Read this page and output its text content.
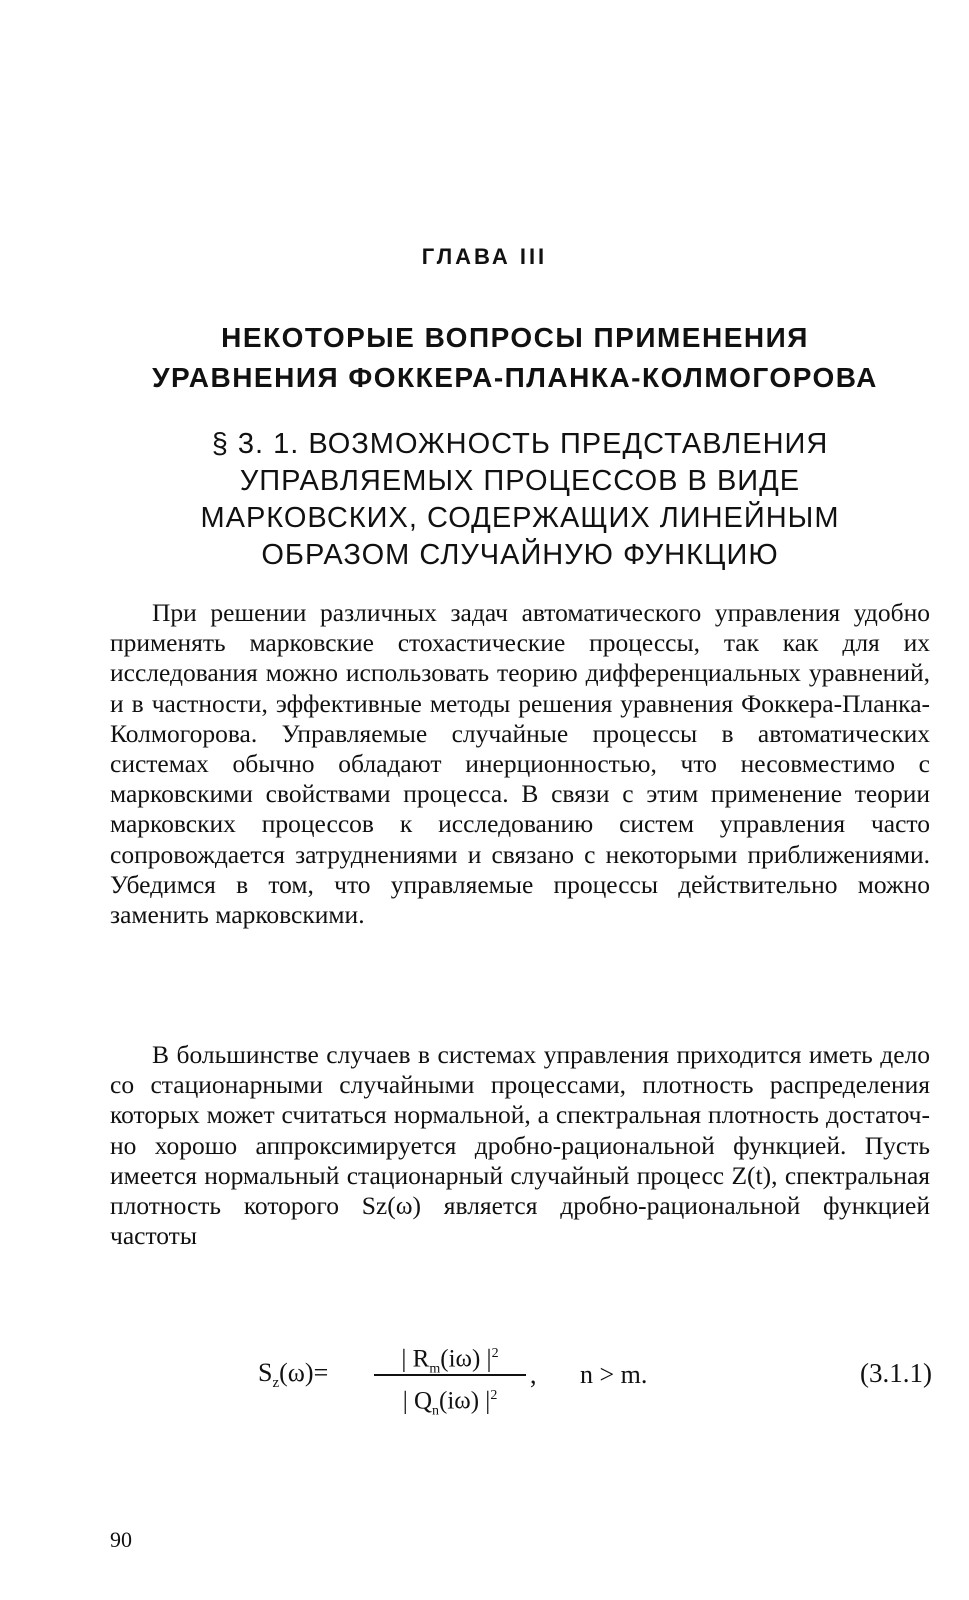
ГЛАВА III
НЕКОТОРЫЕ ВОПРОСЫ ПРИМЕНЕНИЯ
УРАВНЕНИЯ ФОККЕРА-ПЛАНКА-КОЛМОГОРОВА
§ 3. 1. ВОЗМОЖНОСТЬ ПРЕДСТАВЛЕНИЯ
УПРАВЛЯЕМЫХ ПРОЦЕССОВ В ВИДЕ
МАРКОВСКИХ, СОДЕРЖАЩИХ ЛИНЕЙНЫМ
ОБРАЗОМ СЛУЧАЙНУЮ ФУНКЦИЮ

При решении различных задач автоматического управления удобно применять марковские стохастические процессы, так как для их исследования можно использовать теорию дифференциальных уравнений, и в частности, эффективные методы решения уравнения Фоккера-Планка-Колмогорова. Управляемые случайные процессы в автоматических системах обычно обладают инерционностью, что несовместимо с марковскими свойствами процесса. В связи с этим применение теории марковских процессов к исследованию систем управления часто сопровождается затруднениями и связано с некоторыми приближениями. Убедимся в том, что управляемые процессы действительно можно заменить марковскими.

В большинстве случаев в системах управления приходится иметь дело со стационарными случайными процессами, плотность распределения которых может считаться нормальной, а спектральная плотность достаточно хорошо аппроксимируется дробно-рациональной функцией. Пусть имеется нормальный стационарный случайный процесс Z(t), спектральная плотность которого Sz(ω) является дробно-рациональной функцией частоты

$S_z(\omega)=$	| $R_m(i\omega)$ $|^2$
| $Q_n(i\omega)$ $|^2$
, n > m.	(3.1.1)
90
